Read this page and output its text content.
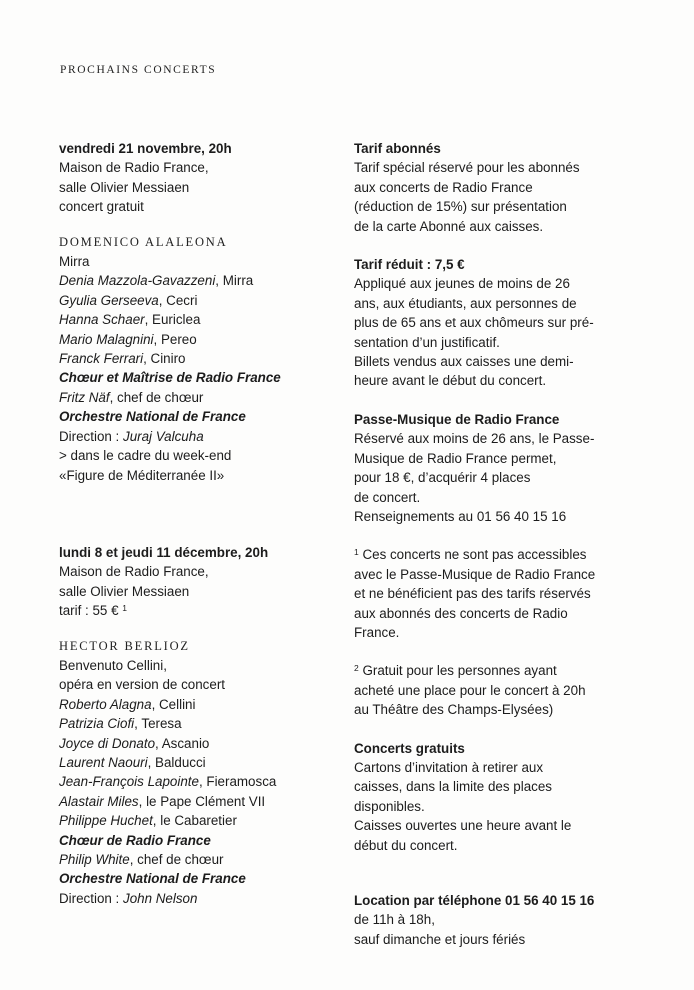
PROCHAINS CONCERTS
vendredi 21 novembre, 20h
Maison de Radio France,
salle Olivier Messiaen
concert gratuit
DOMENICO ALALEONA
Mirra
Denia Mazzola-Gavazzeni, Mirra
Gyulia Gerseeva, Cecri
Hanna Schaer, Euriclea
Mario Malagnini, Pereo
Franck Ferrari, Ciniro
Chœur et Maîtrise de Radio France
Fritz Näf, chef de chœur
Orchestre National de France
Direction : Juraj Valcuha
> dans le cadre du week-end
«Figure de Méditerranée II»
lundi 8 et jeudi 11 décembre, 20h
Maison de Radio France,
salle Olivier Messiaen
tarif : 55 € $^1$
HECTOR BERLIOZ
Benvenuto Cellini,
opéra en version de concert
Roberto Alagna, Cellini
Patrizia Ciofi, Teresa
Joyce di Donato, Ascanio
Laurent Naouri, Balducci
Jean-François Lapointe, Fieramosca
Alastair Miles, le Pape Clément VII
Philippe Huchet, le Cabaretier
Chœur de Radio France
Philip White, chef de chœur
Orchestre National de France
Direction : John Nelson
Tarif abonnés
Tarif spécial réservé pour les abonnés
aux concerts de Radio France
(réduction de 15%) sur présentation
de la carte Abonné aux caisses.
Tarif réduit : 7,5 €
Appliqué aux jeunes de moins de 26
ans, aux étudiants, aux personnes de
plus de 65 ans et aux chômeurs sur pré-
sentation d’un justificatif.
Billets vendus aux caisses une demi-
heure avant le début du concert.
Passe-Musique de Radio France
Réservé aux moins de 26 ans, le Passe-
Musique de Radio France permet,
pour 18 €, d’acquérir 4 places
de concert.
Renseignements au 01 56 40 15 16
$^1$ Ces concerts ne sont pas accessibles
avec le Passe-Musique de Radio France
et ne bénéficient pas des tarifs réservés
aux abonnés des concerts de Radio
France.
$^2$ Gratuit pour les personnes ayant
acheté une place pour le concert à 20h
au Théâtre des Champs-Elysées)
Concerts gratuits
Cartons d’invitation à retirer aux
caisses, dans la limite des places
disponibles.
Caisses ouvertes une heure avant le
début du concert.
Location par téléphone 01 56 40 15 16
de 11h à 18h,
sauf dimanche et jours fériés
